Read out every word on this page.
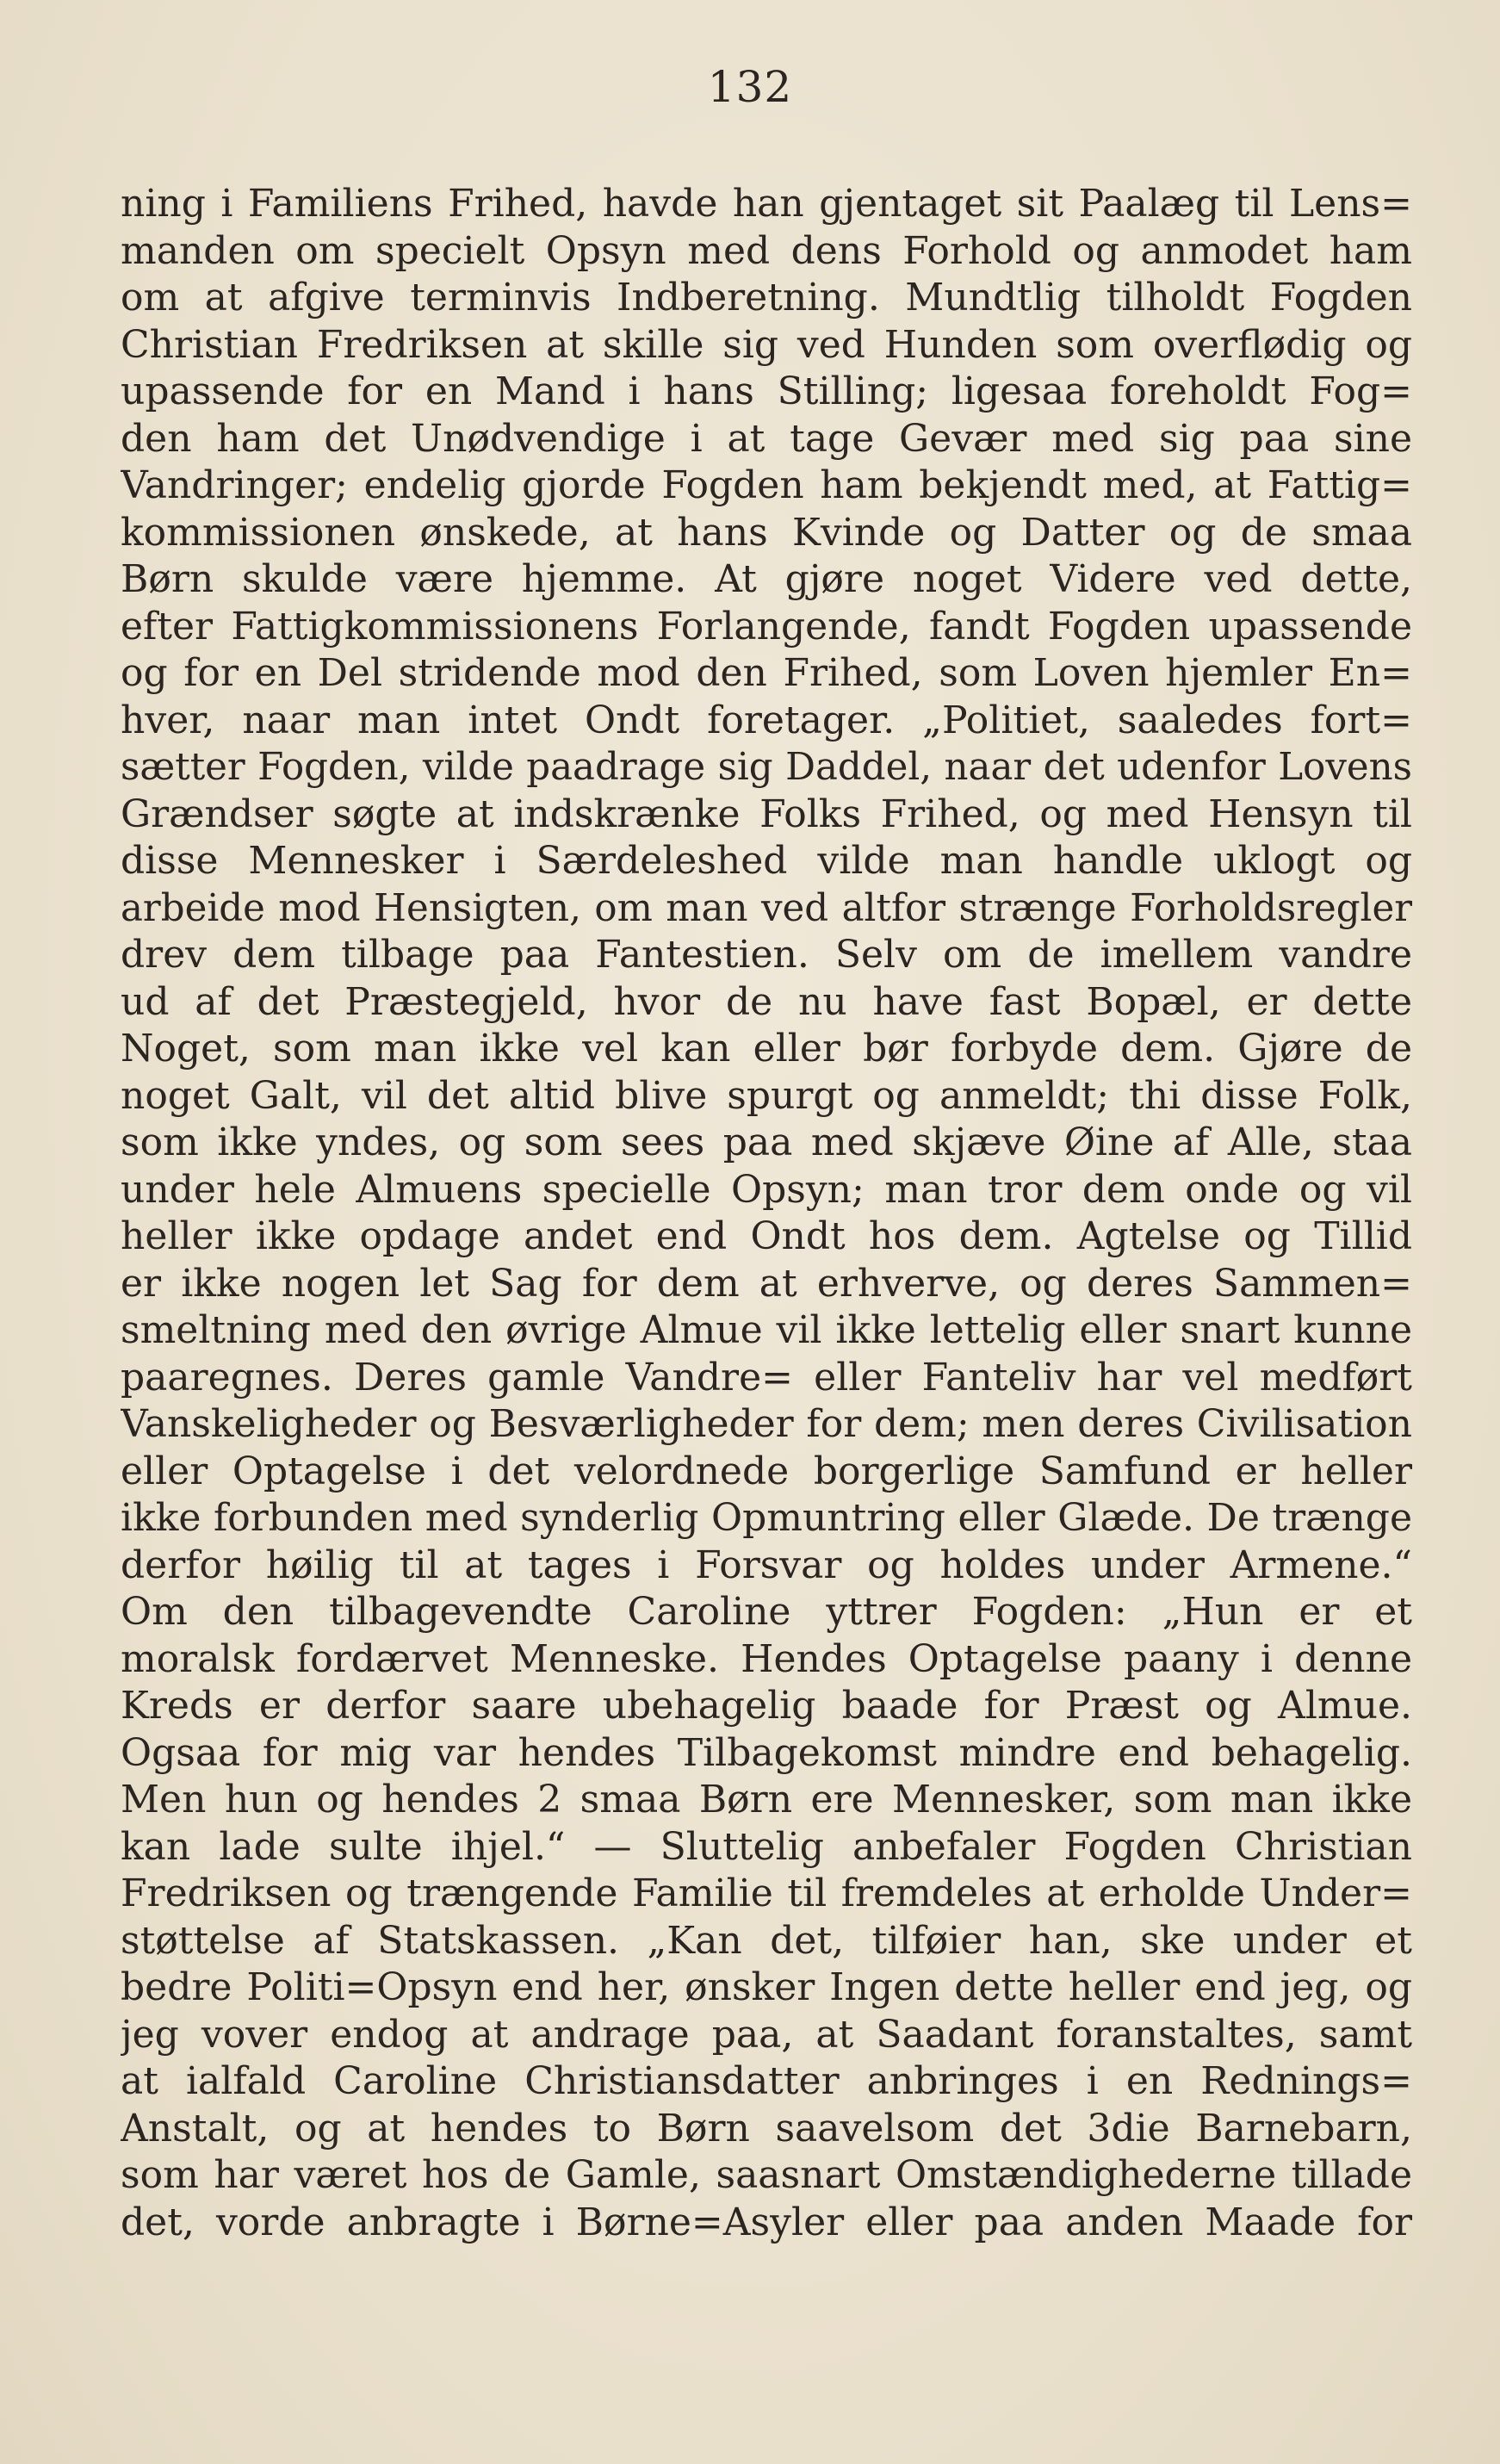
132
ning i Familiens Frihed, havde han gjentaget sit Paalæg til Lens=
manden om specielt Opsyn med dens Forhold og anmodet ham
om at afgive terminvis Indberetning. Mundtlig tilholdt Fogden
Christian Fredriksen at skille sig ved Hunden som overflødig og
upassende for en Mand i hans Stilling; ligesaa foreholdt Fog=
den ham det Unødvendige i at tage Gevær med sig paa sine
Vandringer; endelig gjorde Fogden ham bekjendt med, at Fattig=
kommissionen ønskede, at hans Kvinde og Datter og de smaa
Børn skulde være hjemme. At gjøre noget Videre ved dette,
efter Fattigkommissionens Forlangende, fandt Fogden upassende
og for en Del stridende mod den Frihed, som Loven hjemler En=
hver, naar man intet Ondt foretager. „Politiet, saaledes fort=
sætter Fogden, vilde paadrage sig Daddel, naar det udenfor Lovens
Grændser søgte at indskrænke Folks Frihed, og med Hensyn til
disse Mennesker i Særdeleshed vilde man handle uklogt og
arbeide mod Hensigten, om man ved altfor strænge Forholdsregler
drev dem tilbage paa Fantestien. Selv om de imellem vandre
ud af det Præstegjeld, hvor de nu have fast Bopæl, er dette
Noget, som man ikke vel kan eller bør forbyde dem. Gjøre de
noget Galt, vil det altid blive spurgt og anmeldt; thi disse Folk,
som ikke yndes, og som sees paa med skjæve Øine af Alle, staa
under hele Almuens specielle Opsyn; man tror dem onde og vil
heller ikke opdage andet end Ondt hos dem. Agtelse og Tillid
er ikke nogen let Sag for dem at erhverve, og deres Sammen=
smeltning med den øvrige Almue vil ikke lettelig eller snart kunne
paaregnes. Deres gamle Vandre= eller Fanteliv har vel medført
Vanskeligheder og Besværligheder for dem; men deres Civilisation
eller Optagelse i det velordnede borgerlige Samfund er heller
ikke forbunden med synderlig Opmuntring eller Glæde. De trænge
derfor høilig til at tages i Forsvar og holdes under Armene.“
Om den tilbagevendte Caroline yttrer Fogden: „Hun er et
moralsk fordærvet Menneske. Hendes Optagelse paany i denne
Kreds er derfor saare ubehagelig baade for Præst og Almue.
Ogsaa for mig var hendes Tilbagekomst mindre end behagelig.
Men hun og hendes 2 smaa Børn ere Mennesker, som man ikke
kan lade sulte ihjel.“ — Sluttelig anbefaler Fogden Christian
Fredriksen og trængende Familie til fremdeles at erholde Under=
støttelse af Statskassen. „Kan det, tilføier han, ske under et
bedre Politi=Opsyn end her, ønsker Ingen dette heller end jeg, og
jeg vover endog at andrage paa, at Saadant foranstaltes, samt
at ialfald Caroline Christiansdatter anbringes i en Rednings=
Anstalt, og at hendes to Børn saavelsom det 3die Barnebarn,
som har været hos de Gamle, saasnart Omstændighederne tillade
det, vorde anbragte i Børne=Asyler eller paa anden Maade for
